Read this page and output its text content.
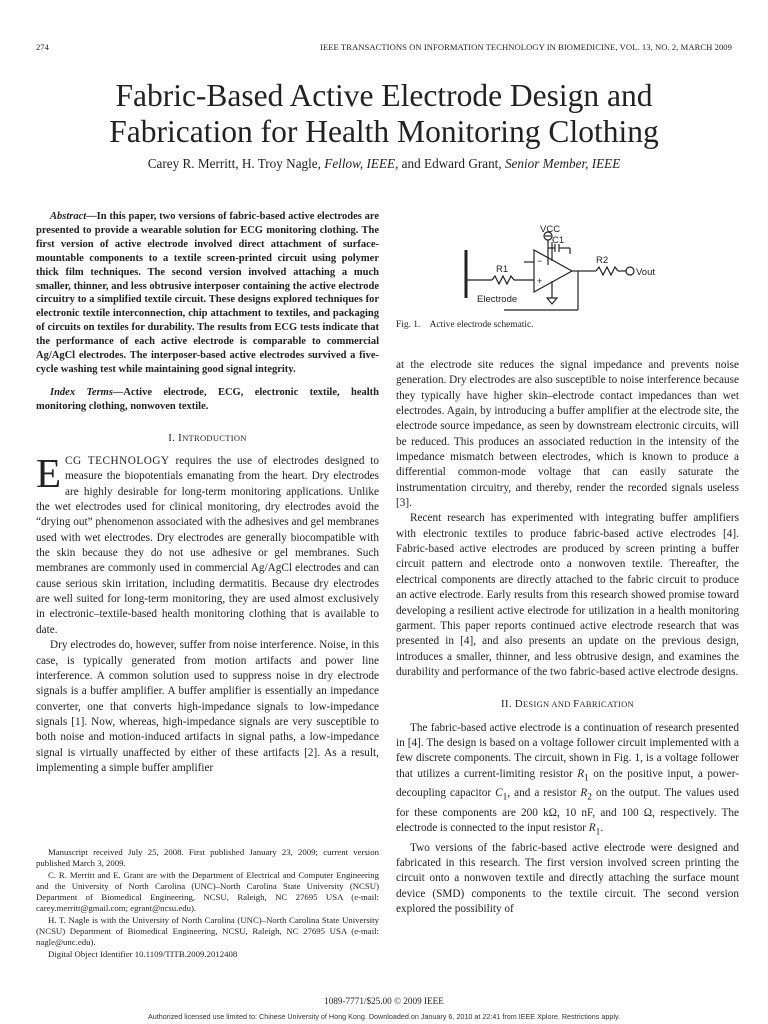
274	IEEE TRANSACTIONS ON INFORMATION TECHNOLOGY IN BIOMEDICINE, VOL. 13, NO. 2, MARCH 2009
Fabric-Based Active Electrode Design and Fabrication for Health Monitoring Clothing
Carey R. Merritt, H. Troy Nagle, Fellow, IEEE, and Edward Grant, Senior Member, IEEE

Abstract—In this paper, two versions of fabric-based active electrodes are presented to provide a wearable solution for ECG monitoring clothing. The first version of active electrode involved direct attachment of surface-mountable components to a textile screen-printed circuit using polymer thick film techniques. The second version involved attaching a much smaller, thinner, and less obtrusive interposer containing the active electrode circuitry to a simplified textile circuit. These designs explored techniques for electronic textile interconnection, chip attachment to textiles, and packaging of circuits on textiles for durability. The results from ECG tests indicate that the performance of each active electrode is comparable to commercial Ag/AgCl electrodes. The interposer-based active electrodes survived a five-cycle washing test while maintaining good signal integrity.

Index Terms—Active electrode, ECG, electronic textile, health monitoring clothing, nonwoven textile.

I. INTRODUCTION

ECG TECHNOLOGY requires the use of electrodes designed to measure the biopotentials emanating from the heart. Dry electrodes are highly desirable for long-term monitoring applications. Unlike the wet electrodes used for clinical monitoring, dry electrodes avoid the “drying out” phenomenon associated with the adhesives and gel membranes used with wet electrodes. Dry electrodes are generally biocompatible with the skin because they do not use adhesive or gel membranes. Such membranes are commonly used in commercial Ag/AgCl electrodes and can cause serious skin irritation, including dermatitis. Because dry electrodes are well suited for long-term monitoring, they are used almost exclusively in electronic–textile-based health monitoring clothing that is available to date.

Dry electrodes do, however, suffer from noise interference. Noise, in this case, is typically generated from motion artifacts and power line interference. A common solution used to suppress noise in dry electrode signals is a buffer amplifier. A buffer amplifier is essentially an impedance converter, one that converts high-impedance signals to low-impedance signals [1]. Now, whereas, high-impedance signals are very susceptible to both noise and motion-induced artifacts in signal paths, a low-impedance signal is virtually unaffected by either of these artifacts [2]. As a result, implementing a simple buffer amplifier

Manuscript received July 25, 2008. First published January 23, 2009; current version published March 3, 2009.

C. R. Merritt and E. Grant are with the Department of Electrical and Computer Engineering and the University of North Carolina (UNC)–North Carolina State University (NCSU) Department of Biomedical Engineering, NCSU, Raleigh, NC 27695 USA (e-mail: carey.merritt@gmail.com; egrant@ncsu.edu).

H. T. Nagle is with the University of North Carolina (UNC)–North Carolina State University (NCSU) Department of Biomedical Engineering, NCSU, Raleigh, NC 27695 USA (e-mail: nagle@unc.edu).

Digital Object Identifier 10.1109/TITB.2009.2012408

VCC
C1
R1
R2
Vout
Electrode
+
−
Fig. 1. Active electrode schematic.

at the electrode site reduces the signal impedance and prevents noise generation. Dry electrodes are also susceptible to noise interference because they typically have higher skin–electrode contact impedances than wet electrodes. Again, by introducing a buffer amplifier at the electrode site, the electrode source impedance, as seen by downstream electronic circuits, will be reduced. This produces an associated reduction in the intensity of the impedance mismatch between electrodes, which is known to produce a differential common-mode voltage that can easily saturate the instrumentation circuitry, and thereby, render the recorded signals useless [3].

Recent research has experimented with integrating buffer amplifiers with electronic textiles to produce fabric-based active electrodes [4]. Fabric-based active electrodes are produced by screen printing a buffer circuit pattern and electrode onto a nonwoven textile. Thereafter, the electrical components are directly attached to the fabric circuit to produce an active electrode. Early results from this research showed promise toward developing a resilient active electrode for utilization in a health monitoring garment. This paper reports continued active electrode research that was presented in [4], and also presents an update on the previous design, introduces a smaller, thinner, and less obtrusive design, and examines the durability and performance of the two fabric-based active electrode designs.

II. DESIGN AND FABRICATION

The fabric-based active electrode is a continuation of research presented in [4]. The design is based on a voltage follower circuit implemented with a few discrete components. The circuit, shown in Fig. 1, is a voltage follower that utilizes a current-limiting resistor $R_1$ on the positive input, a power-decoupling capacitor $C_1$, and a resistor $R_2$ on the output. The values used for these components are 200 kΩ, 10 nF, and 100 Ω, respectively. The electrode is connected to the input resistor $R_1$.

Two versions of the fabric-based active electrode were designed and fabricated in this research. The first version involved screen printing the circuit onto a nonwoven textile and directly attaching the surface mount device (SMD) components to the textile circuit. The second version explored the possibility of

1089-7771/$25.00 © 2009 IEEE
Authorized licensed use limited to: Chinese University of Hong Kong. Downloaded on January 6, 2010 at 22:41 from IEEE Xplore. Restrictions apply.
